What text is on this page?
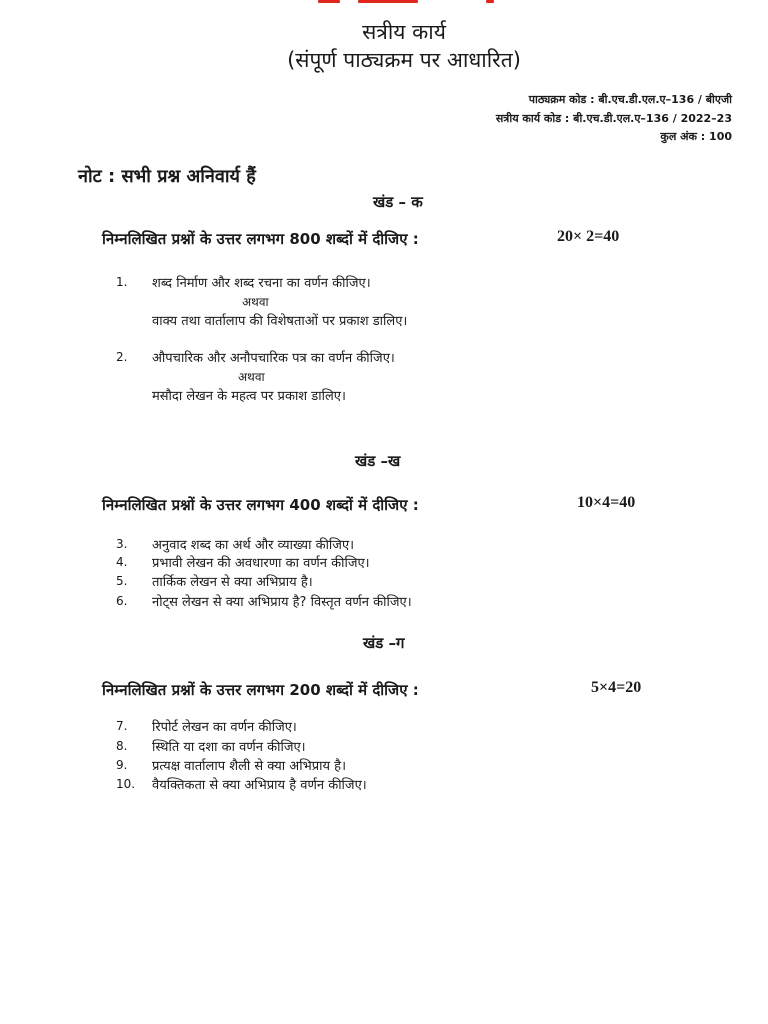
सत्रीय कार्य
(संपूर्ण पाठ्यक्रम पर आधारित)
पाठ्यक्रम कोड : बी.एच.डी.एल.ए–136 / बीएजी
सत्रीय कार्य कोड : बी.एच.डी.एल.ए–136 / 2022–23
कुल अंक : 100
नोट : सभी प्रश्न अनिवार्य हैं
खंड – क
निम्नलिखित प्रश्नों के उत्तर लगभग 800 शब्दों में दीजिए :	20× 2=40
1. शब्द निर्माण और शब्द रचना का वर्णन कीजिए।
अथवा
वाक्य तथा वार्तालाप की विशेषताओं पर प्रकाश डालिए।
2. औपचारिक और अनौपचारिक पत्र का वर्णन कीजिए।
अथवा
मसौदा लेखन के महत्व पर प्रकाश डालिए।
खंड –ख
निम्नलिखित प्रश्नों के उत्तर लगभग 400 शब्दों में दीजिए :	10×4=40
3. अनुवाद शब्द का अर्थ और व्याख्या कीजिए।
4. प्रभावी लेखन की अवधारणा का वर्णन कीजिए।
5. तार्किक लेखन से क्या अभिप्राय है।
6. नोट्स लेखन से क्या अभिप्राय है? विस्तृत वर्णन कीजिए।
खंड –ग
निम्नलिखित प्रश्नों के उत्तर लगभग 200 शब्दों में दीजिए :	5×4=20
7. रिपोर्ट लेखन का वर्णन कीजिए।
8. स्थिति या दशा का वर्णन कीजिए।
9. प्रत्यक्ष वार्तालाप शैली से क्या अभिप्राय है।
10. वैयक्तिकता से क्या अभिप्राय है वर्णन कीजिए।
